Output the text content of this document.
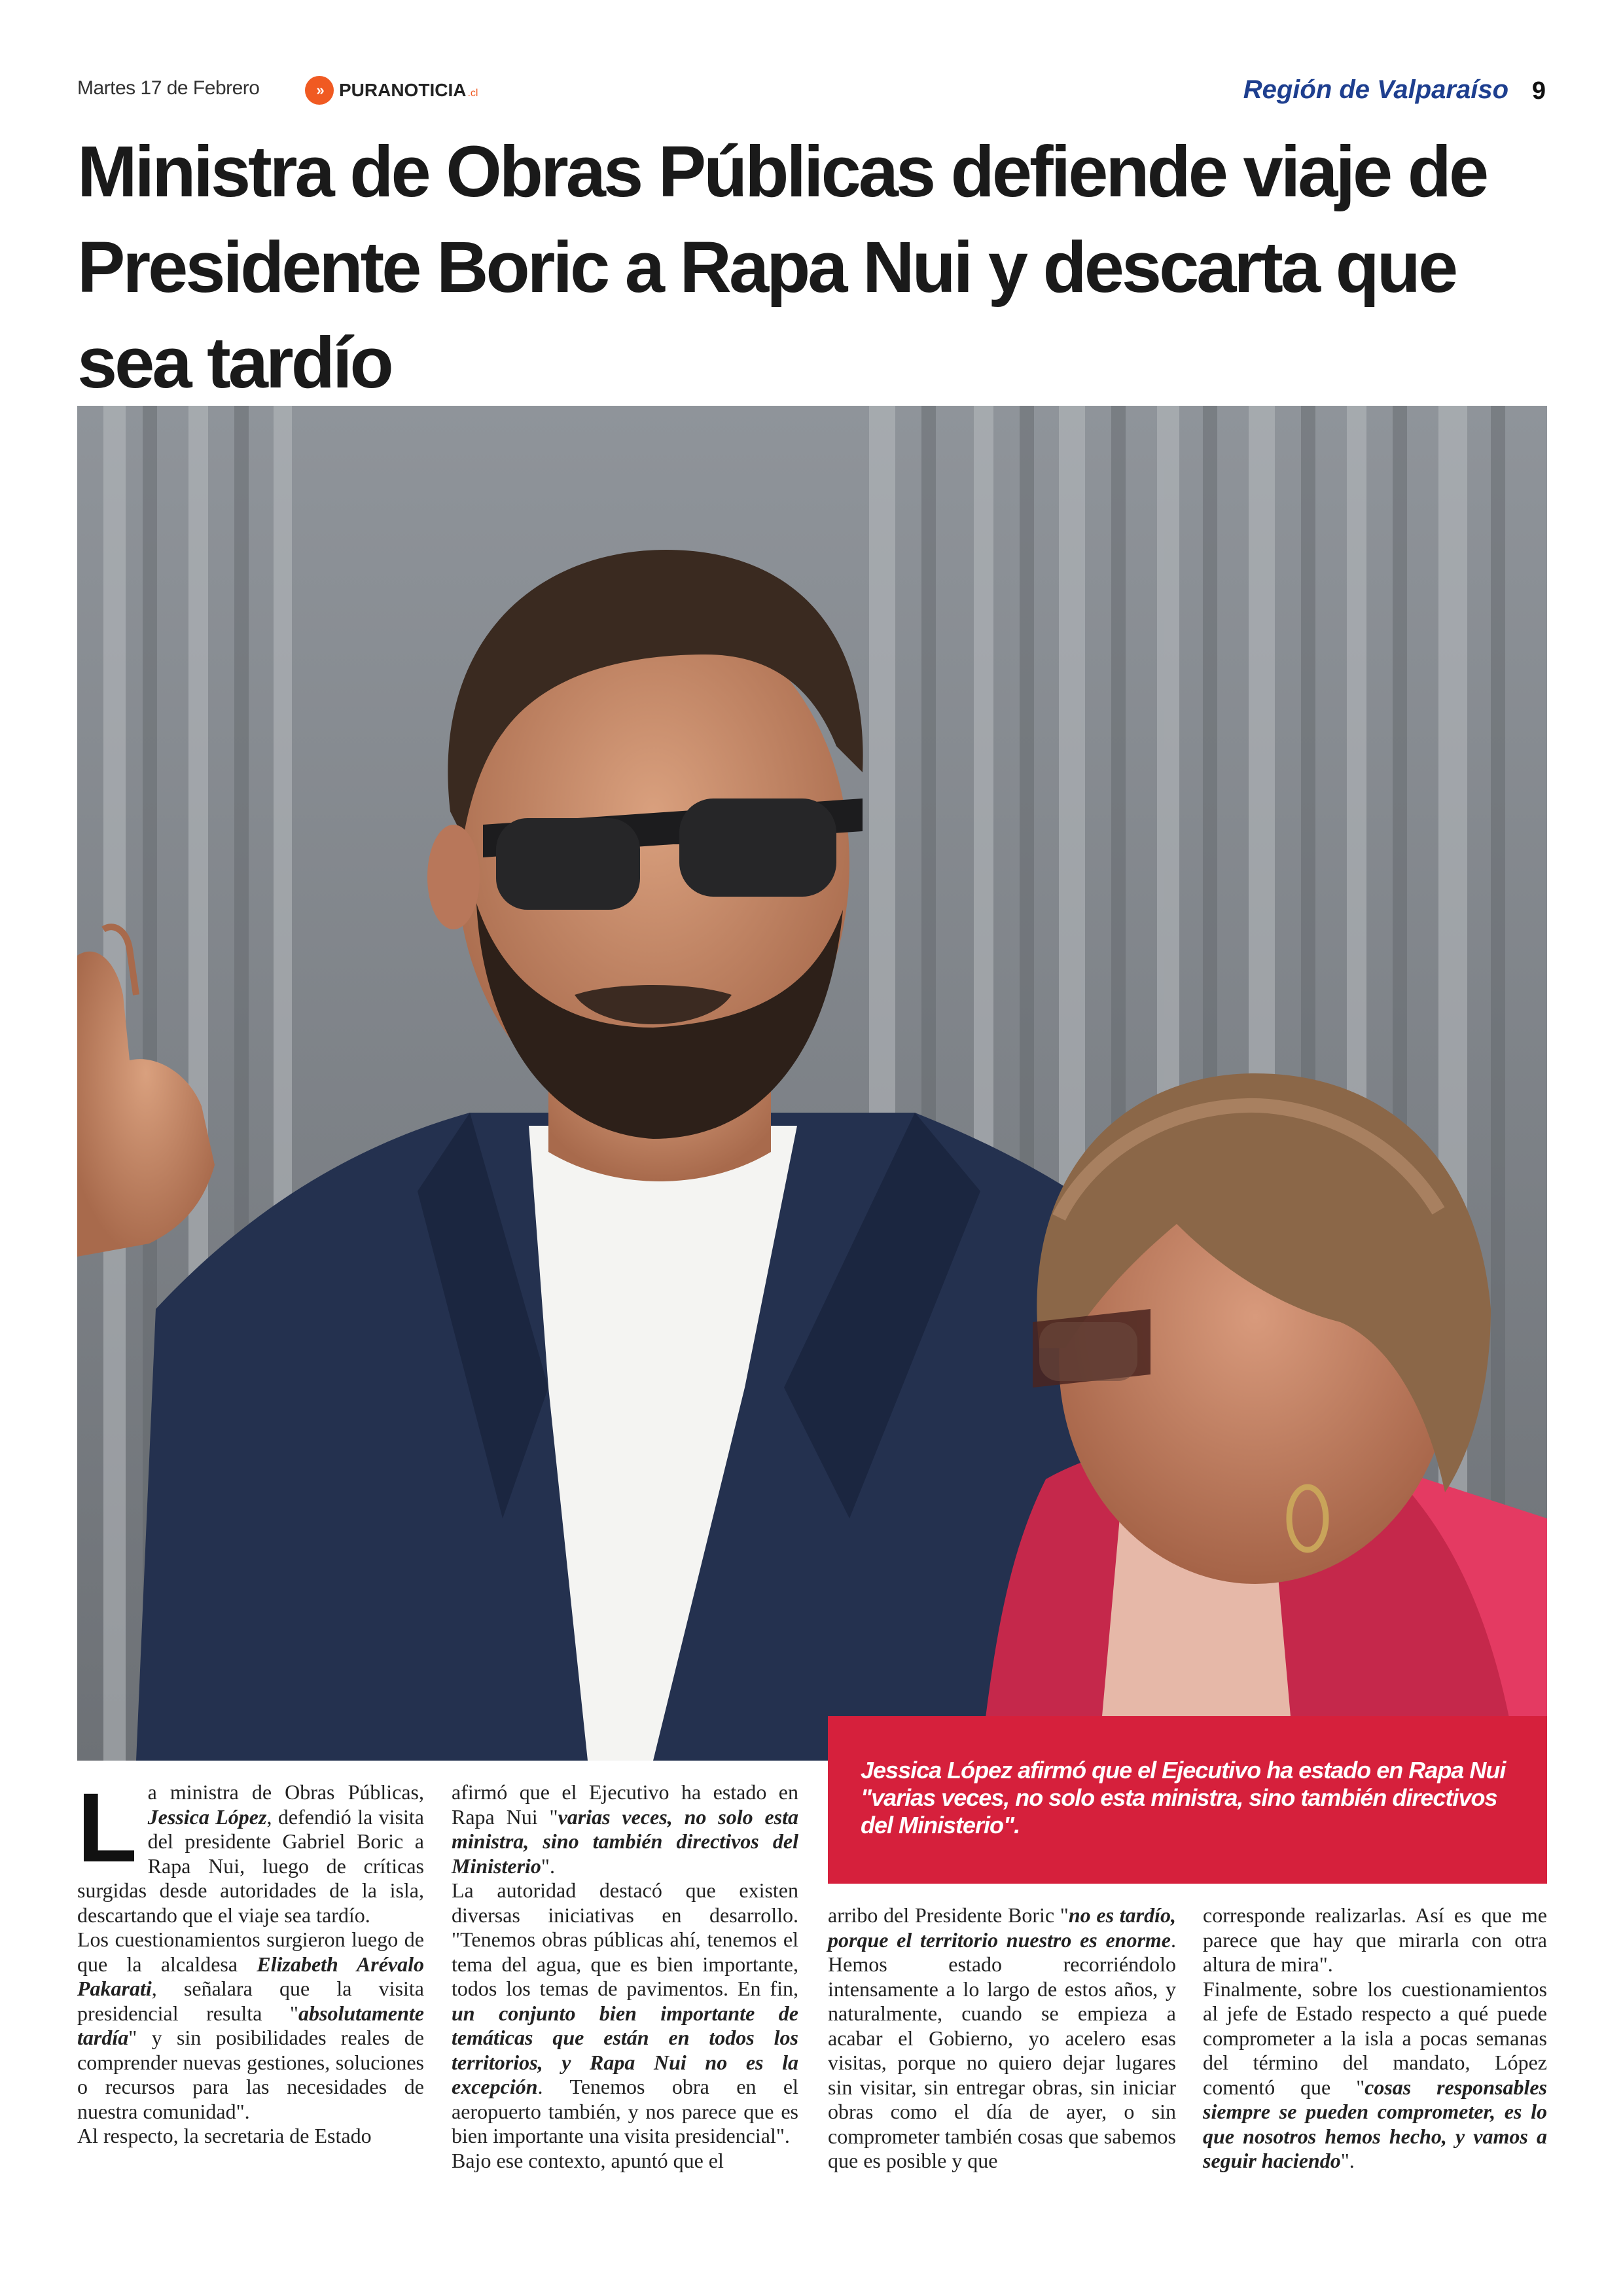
Martes 17 de Febrero	» PURANOTICIA .cl	Región de Valparaíso 9
Ministra de Obras Públicas defiende viaje de Presidente Boric a Rapa Nui y descarta que sea tardío
Jessica López afirmó que el Ejecutivo ha estado en Rapa Nui "varias veces, no solo esta ministra, sino también directivos del Ministerio".
L a ministra de Obras Públicas, Jessica López, defendió la visita del presidente Gabriel Boric a Rapa Nui, luego de críticas surgidas desde autoridades de la isla, descartando que el viaje sea tardío.
Los cuestionamientos surgieron luego de que la alcaldesa Elizabeth Arévalo Pakarati, señalara que la visita presidencial resulta "absolutamente tardía" y sin posibilidades reales de comprender nuevas gestiones, soluciones o recursos para las necesidades de nuestra comunidad".
Al respecto, la secretaria de Estado

afirmó que el Ejecutivo ha estado en Rapa Nui "varias veces, no solo esta ministra, sino también directivos del Ministerio".
La autoridad destacó que existen diversas iniciativas en desarrollo. "Tenemos obras públicas ahí, tenemos el tema del agua, que es bien importante, todos los temas de pavimentos. En fin, un conjunto bien importante de temáticas que están en todos los territorios, y Rapa Nui no es la excepción. Tenemos obra en el aeropuerto también, y nos parece que es bien importante una visita presidencial".
Bajo ese contexto, apuntó que el

arribo del Presidente Boric "no es tardío, porque el territorio nuestro es enorme. Hemos estado recorriéndolo intensamente a lo largo de estos años, y naturalmente, cuando se empieza a acabar el Gobierno, yo acelero esas visitas, porque no quiero dejar lugares sin visitar, sin entregar obras, sin iniciar obras como el día de ayer, o sin comprometer también cosas que sabemos que es posible y que

corresponde realizarlas. Así es que me parece que hay que mirarla con otra altura de mira".
Finalmente, sobre los cuestionamientos al jefe de Estado respecto a qué puede comprometer a la isla a pocas semanas del término del mandato, López comentó que "cosas responsables siempre se pueden comprometer, es lo que nosotros hemos hecho, y vamos a seguir haciendo".
